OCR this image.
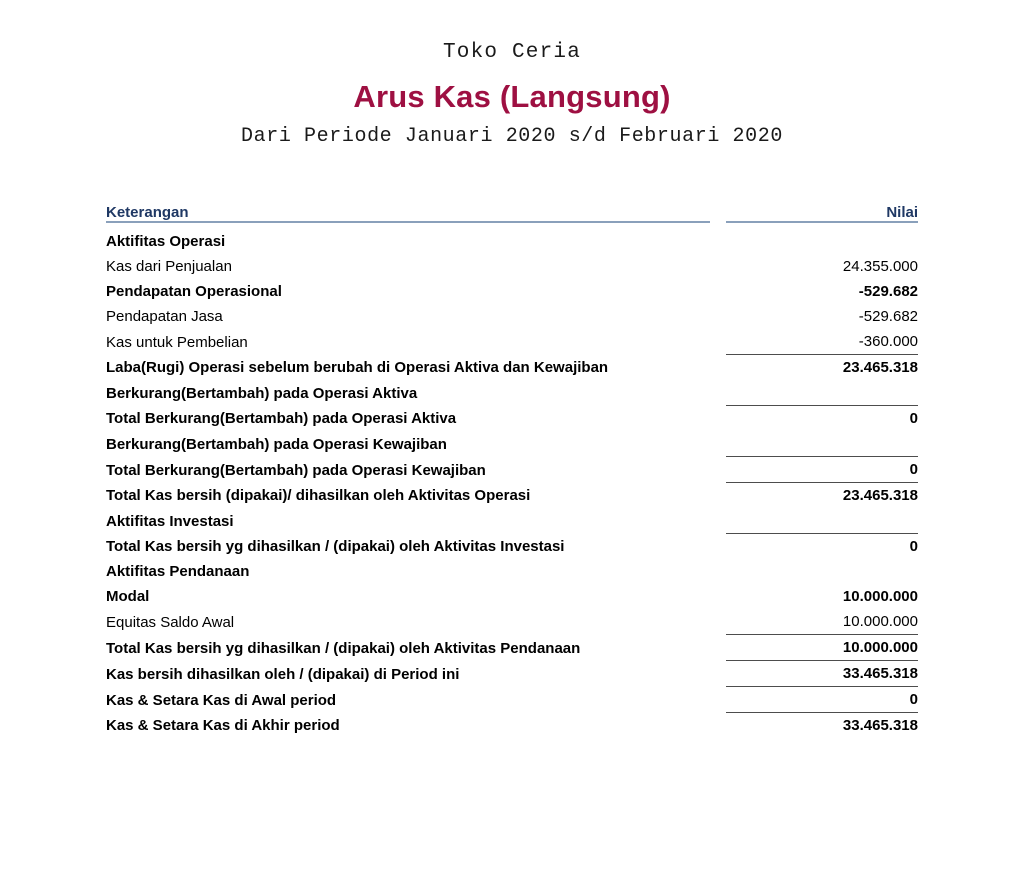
Toko Ceria
Arus Kas (Langsung)
Dari Periode Januari 2020 s/d Februari 2020
Keterangan		Nilai
Aktifitas Operasi		
Kas dari Penjualan		24.355.000
Pendapatan Operasional		-529.682
Pendapatan Jasa		-529.682
Kas untuk Pembelian		-360.000
Laba(Rugi) Operasi sebelum berubah di Operasi Aktiva dan Kewajiban		23.465.318
Berkurang(Bertambah) pada Operasi Aktiva		
Total Berkurang(Bertambah) pada Operasi Aktiva		0
Berkurang(Bertambah) pada Operasi Kewajiban		
Total Berkurang(Bertambah) pada Operasi Kewajiban		0
Total Kas bersih (dipakai)/ dihasilkan oleh Aktivitas Operasi		23.465.318
Aktifitas Investasi		
Total Kas bersih yg dihasilkan / (dipakai) oleh Aktivitas Investasi		0
Aktifitas Pendanaan		
Modal		10.000.000
Equitas Saldo Awal		10.000.000
Total Kas bersih yg dihasilkan / (dipakai) oleh Aktivitas Pendanaan		10.000.000
Kas bersih dihasilkan oleh / (dipakai) di Period ini		33.465.318
Kas & Setara Kas di Awal period		0
Kas & Setara Kas di Akhir period		33.465.318
